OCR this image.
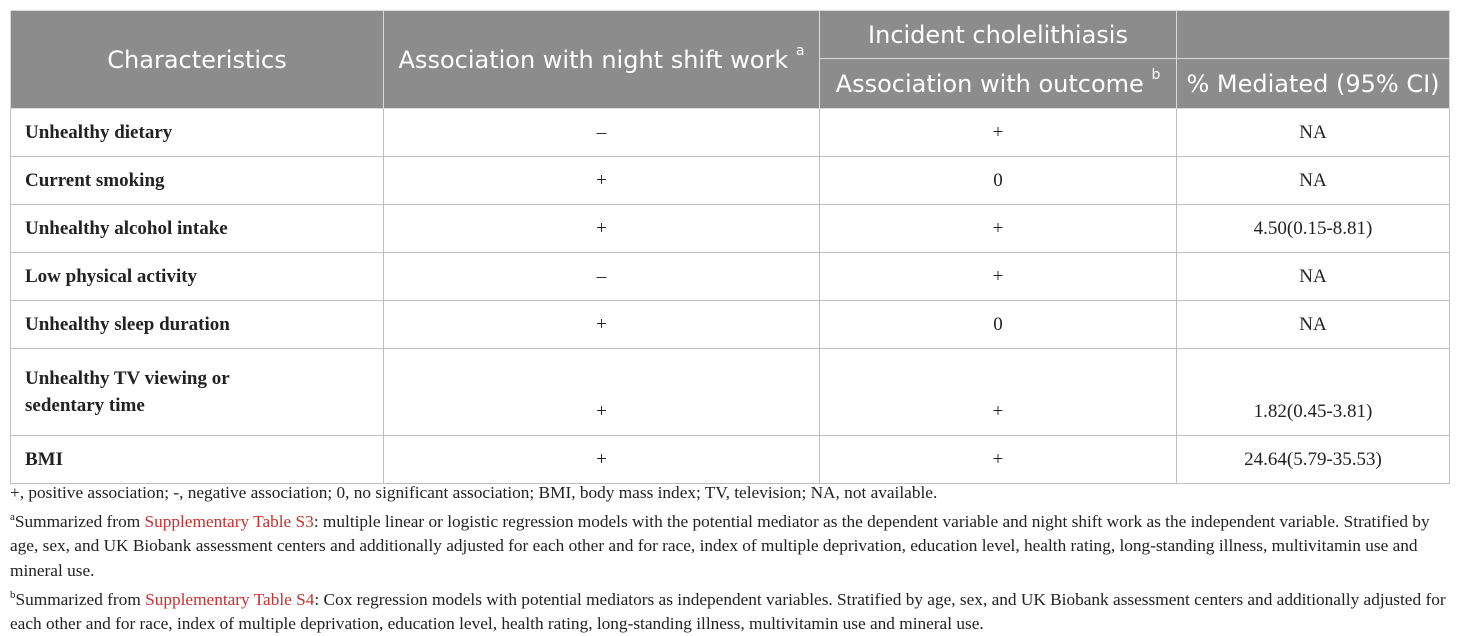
Characteristics	Association with night shift work $^a$	Incident cholelithiasis	

		Association with outcome $^b$	% Mediated (95% CI)

Unhealthy dietary	–	+	NA
Current smoking	+	0	NA
Unhealthy alcohol intake	+	+	4.50(0.15-8.81)
Low physical activity	–	+	NA
Unhealthy sleep duration	+	0	NA
Unhealthy TV viewing or
sedentary time	+	+	1.82(0.45-3.81)
BMI	+	+	24.64(5.79-35.53)

+, positive association; -, negative association; 0, no significant association; BMI, body mass index; TV, television; NA, not available.

$^a$Summarized from Supplementary Table S3: multiple linear or logistic regression models with the potential mediator as the dependent variable and night shift work as the independent variable. Stratified by age, sex, and UK Biobank assessment centers and additionally adjusted for each other and for race, index of multiple deprivation, education level, health rating, long-standing illness, multivitamin use and mineral use.

$^b$Summarized from Supplementary Table S4: Cox regression models with potential mediators as independent variables. Stratified by age, sex, and UK Biobank assessment centers and additionally adjusted for each other and for race, index of multiple deprivation, education level, health rating, long-standing illness, multivitamin use and mineral use.
